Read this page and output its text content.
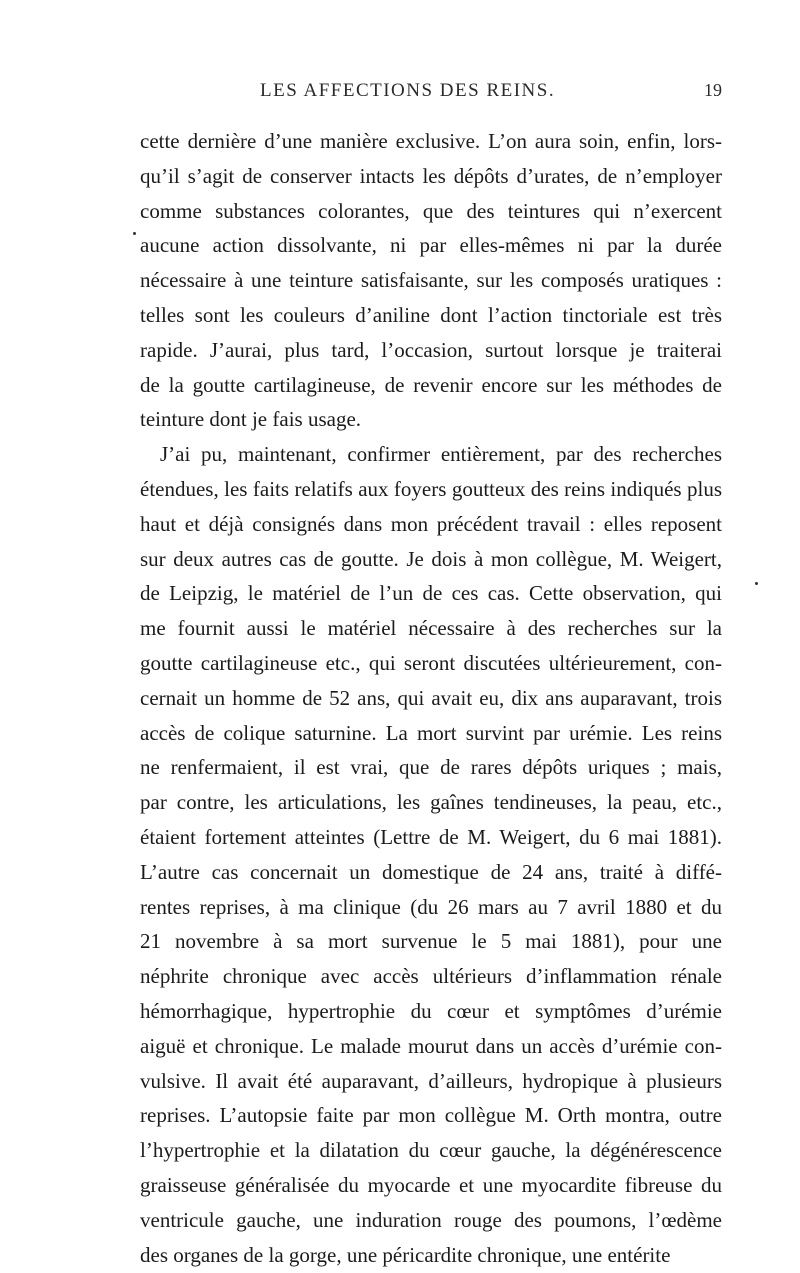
LES AFFECTIONS DES REINS.	19
cette dernière d’une manière exclusive. L’on aura soin, enfin, lors-
qu’il s’agit de conserver intacts les dépôts d’urates, de n’employer
comme substances colorantes, que des teintures qui n’exercent
aucune action dissolvante, ni par elles-mêmes ni par la durée
nécessaire à une teinture satisfaisante, sur les composés uratiques :
telles sont les couleurs d’aniline dont l’action tinctoriale est très
rapide. J’aurai, plus tard, l’occasion, surtout lorsque je traiterai
de la goutte cartilagineuse, de revenir encore sur les méthodes de
teinture dont je fais usage.
J’ai pu, maintenant, confirmer entièrement, par des recherches
étendues, les faits relatifs aux foyers goutteux des reins indiqués plus
haut et déjà consignés dans mon précédent travail : elles reposent
sur deux autres cas de goutte. Je dois à mon collègue, M. Weigert,
de Leipzig, le matériel de l’un de ces cas. Cette observation, qui
me fournit aussi le matériel nécessaire à des recherches sur la
goutte cartilagineuse etc., qui seront discutées ultérieurement, con-
cernait un homme de 52 ans, qui avait eu, dix ans auparavant, trois
accès de colique saturnine. La mort survint par urémie. Les reins
ne renfermaient, il est vrai, que de rares dépôts uriques ; mais,
par contre, les articulations, les gaînes tendineuses, la peau, etc.,
étaient fortement atteintes (Lettre de M. Weigert, du 6 mai 1881).
L’autre cas concernait un domestique de 24 ans, traité à diffé-
rentes reprises, à ma clinique (du 26 mars au 7 avril 1880 et du
21 novembre à sa mort survenue le 5 mai 1881), pour une
néphrite chronique avec accès ultérieurs d’inflammation rénale
hémorrhagique, hypertrophie du cœur et symptômes d’urémie
aiguë et chronique. Le malade mourut dans un accès d’urémie con-
vulsive. Il avait été auparavant, d’ailleurs, hydropique à plusieurs
reprises. L’autopsie faite par mon collègue M. Orth montra, outre
l’hypertrophie et la dilatation du cœur gauche, la dégénérescence
graisseuse généralisée du myocarde et une myocardite fibreuse du
ventricule gauche, une induration rouge des poumons, l’œdème
des organes de la gorge, une péricardite chronique, une entérite
